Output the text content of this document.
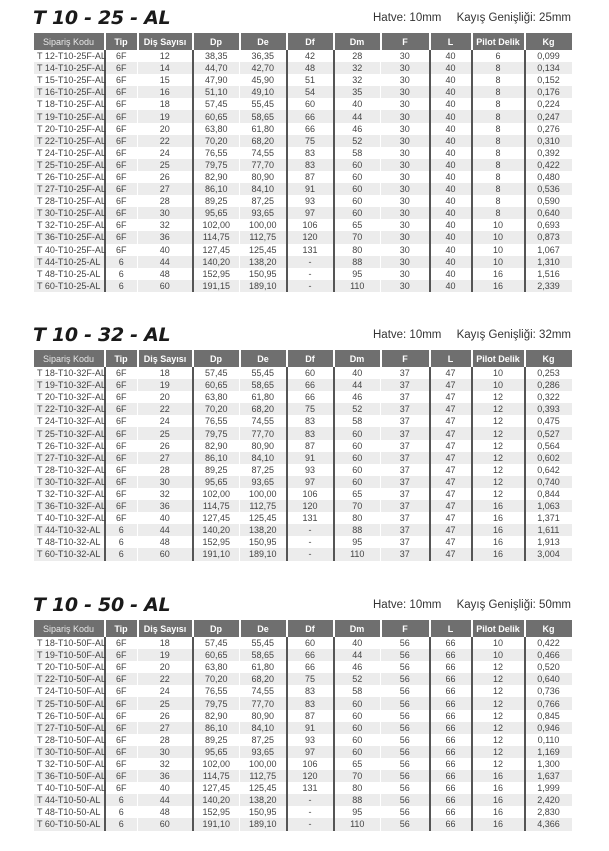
T 10 - 25 - AL	Hatve: 10mm Kayış Genişliği: 25mm
Sipariş Kodu	Tip	Diş Sayısı	Dp	De	Df	Dm	F	L	Pilot Delik	Kg
T 12-T10-25F-AL	6F	12	38,35	36,35	42	28	30	40	6	0,099
T 14-T10-25F-AL	6F	14	44,70	42,70	48	32	30	40	8	0,134
T 15-T10-25F-AL	6F	15	47,90	45,90	51	32	30	40	8	0,152
T 16-T10-25F-AL	6F	16	51,10	49,10	54	35	30	40	8	0,176
T 18-T10-25F-AL	6F	18	57,45	55,45	60	40	30	40	8	0,224
T 19-T10-25F-AL	6F	19	60,65	58,65	66	44	30	40	8	0,247
T 20-T10-25F-AL	6F	20	63,80	61,80	66	46	30	40	8	0,276
T 22-T10-25F-AL	6F	22	70,20	68,20	75	52	30	40	8	0,310
T 24-T10-25F-AL	6F	24	76,55	74,55	83	58	30	40	8	0,392
T 25-T10-25F-AL	6F	25	79,75	77,70	83	60	30	40	8	0,422
T 26-T10-25F-AL	6F	26	82,90	80,90	87	60	30	40	8	0,480
T 27-T10-25F-AL	6F	27	86,10	84,10	91	60	30	40	8	0,536
T 28-T10-25F-AL	6F	28	89,25	87,25	93	60	30	40	8	0,590
T 30-T10-25F-AL	6F	30	95,65	93,65	97	60	30	40	8	0,640
T 32-T10-25F-AL	6F	32	102,00	100,00	106	65	30	40	10	0,693
T 36-T10-25F-AL	6F	36	114,75	112,75	120	70	30	40	10	0,873
T 40-T10-25F-AL	6F	40	127,45	125,45	131	80	30	40	10	1,067
T 44-T10-25-AL	6	44	140,20	138,20	-	88	30	40	10	1,310
T 48-T10-25-AL	6	48	152,95	150,95	-	95	30	40	16	1,516
T 60-T10-25-AL	6	60	191,15	189,10	-	110	30	40	16	2,339
T 10 - 32 - AL	Hatve: 10mm Kayış Genişliği: 32mm
Sipariş Kodu	Tip	Diş Sayısı	Dp	De	Df	Dm	F	L	Pilot Delik	Kg
T 18-T10-32F-AL	6F	18	57,45	55,45	60	40	37	47	10	0,253
T 19-T10-32F-AL	6F	19	60,65	58,65	66	44	37	47	10	0,286
T 20-T10-32F-AL	6F	20	63,80	61,80	66	46	37	47	12	0,322
T 22-T10-32F-AL	6F	22	70,20	68,20	75	52	37	47	12	0,393
T 24-T10-32F-AL	6F	24	76,55	74,55	83	58	37	47	12	0,475
T 25-T10-32F-AL	6F	25	79,75	77,70	83	60	37	47	12	0,527
T 26-T10-32F-AL	6F	26	82,90	80,90	87	60	37	47	12	0,564
T 27-T10-32F-AL	6F	27	86,10	84,10	91	60	37	47	12	0,602
T 28-T10-32F-AL	6F	28	89,25	87,25	93	60	37	47	12	0,642
T 30-T10-32F-AL	6F	30	95,65	93,65	97	60	37	47	12	0,740
T 32-T10-32F-AL	6F	32	102,00	100,00	106	65	37	47	12	0,844
T 36-T10-32F-AL	6F	36	114,75	112,75	120	70	37	47	16	1,063
T 40-T10-32F-AL	6F	40	127,45	125,45	131	80	37	47	16	1,371
T 44-T10-32-AL	6	44	140,20	138,20	-	88	37	47	16	1,611
T 48-T10-32-AL	6	48	152,95	150,95	-	95	37	47	16	1,913
T 60-T10-32-AL	6	60	191,10	189,10	-	110	37	47	16	3,004
T 10 - 50 - AL	Hatve: 10mm Kayış Genişliği: 50mm
Sipariş Kodu	Tip	Diş Sayısı	Dp	De	Df	Dm	F	L	Pilot Delik	Kg
T 18-T10-50F-AL	6F	18	57,45	55,45	60	40	56	66	10	0,422
T 19-T10-50F-AL	6F	19	60,65	58,65	66	44	56	66	10	0,466
T 20-T10-50F-AL	6F	20	63,80	61,80	66	46	56	66	12	0,520
T 22-T10-50F-AL	6F	22	70,20	68,20	75	52	56	66	12	0,640
T 24-T10-50F-AL	6F	24	76,55	74,55	83	58	56	66	12	0,736
T 25-T10-50F-AL	6F	25	79,75	77,70	83	60	56	66	12	0,766
T 26-T10-50F-AL	6F	26	82,90	80,90	87	60	56	66	12	0,845
T 27-T10-50F-AL	6F	27	86,10	84,10	91	60	56	66	12	0,946
T 28-T10-50F-AL	6F	28	89,25	87,25	93	60	56	66	12	0,110
T 30-T10-50F-AL	6F	30	95,65	93,65	97	60	56	66	12	1,169
T 32-T10-50F-AL	6F	32	102,00	100,00	106	65	56	66	12	1,300
T 36-T10-50F-AL	6F	36	114,75	112,75	120	70	56	66	16	1,637
T 40-T10-50F-AL	6F	40	127,45	125,45	131	80	56	66	16	1,999
T 44-T10-50-AL	6	44	140,20	138,20	-	88	56	66	16	2,420
T 48-T10-50-AL	6	48	152,95	150,95	-	95	56	66	16	2,830
T 60-T10-50-AL	6	60	191,10	189,10	-	110	56	66	16	4,366
